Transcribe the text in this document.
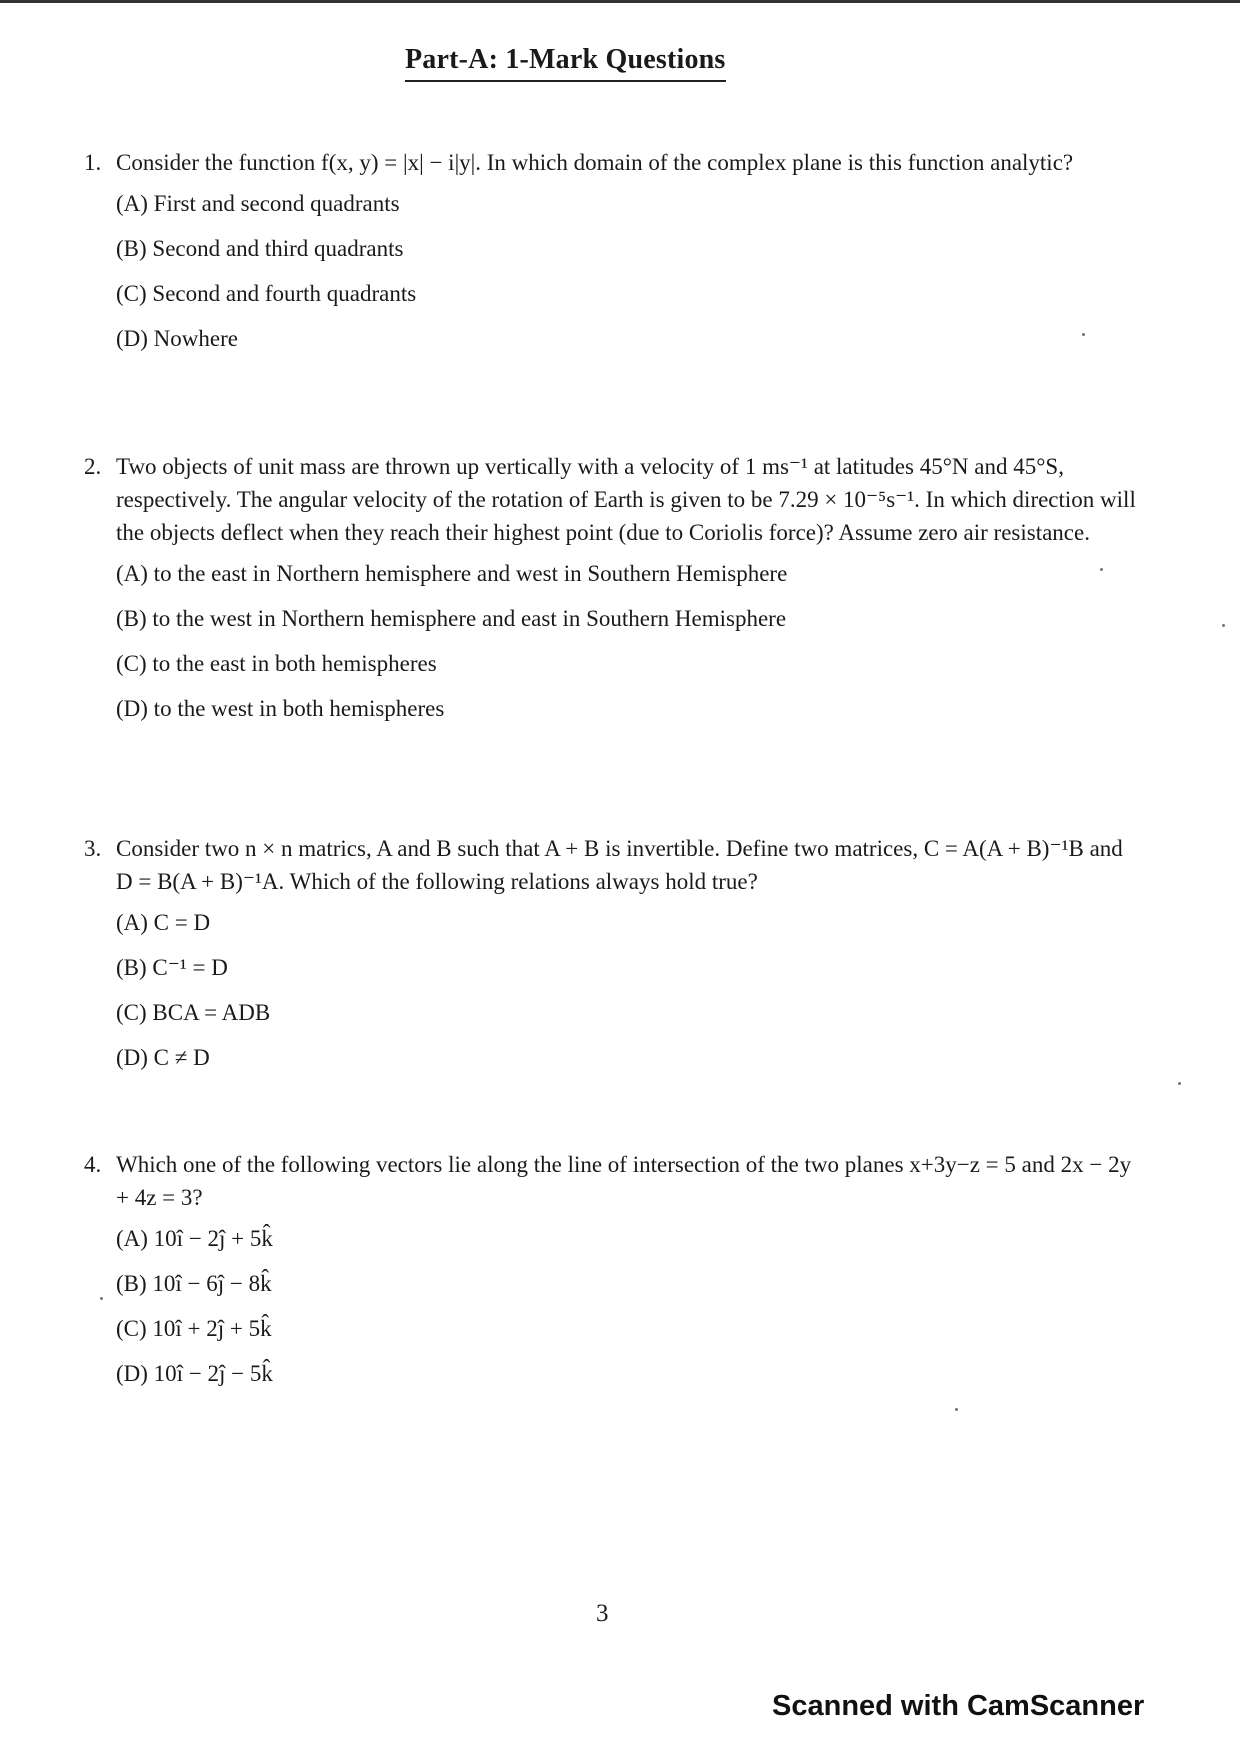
Part-A: 1-Mark Questions
1. Consider the function f(x, y) = |x| − i|y|. In which domain of the complex plane is this function analytic?
(A) First and second quadrants
(B) Second and third quadrants
(C) Second and fourth quadrants
(D) Nowhere
2. Two objects of unit mass are thrown up vertically with a velocity of 1 ms⁻¹ at latitudes 45°N and 45°S, respectively. The angular velocity of the rotation of Earth is given to be 7.29 × 10⁻⁵s⁻¹. In which direction will the objects deflect when they reach their highest point (due to Coriolis force)? Assume zero air resistance.
(A) to the east in Northern hemisphere and west in Southern Hemisphere
(B) to the west in Northern hemisphere and east in Southern Hemisphere
(C) to the east in both hemispheres
(D) to the west in both hemispheres
3. Consider two n × n matrics, A and B such that A + B is invertible. Define two matrices, C = A(A + B)⁻¹B and D = B(A + B)⁻¹A. Which of the following relations always hold true?
(A) C = D
(B) C⁻¹ = D
(C) BCA = ADB
(D) C ≠ D
4. Which one of the following vectors lie along the line of intersection of the two planes x+3y−z = 5 and 2x − 2y + 4z = 3?
(A) 10î − 2ĵ + 5k̂
(B) 10î − 6ĵ − 8k̂
(C) 10î + 2ĵ + 5k̂
(D) 10î − 2ĵ − 5k̂
3
Scanned with CamScanner
